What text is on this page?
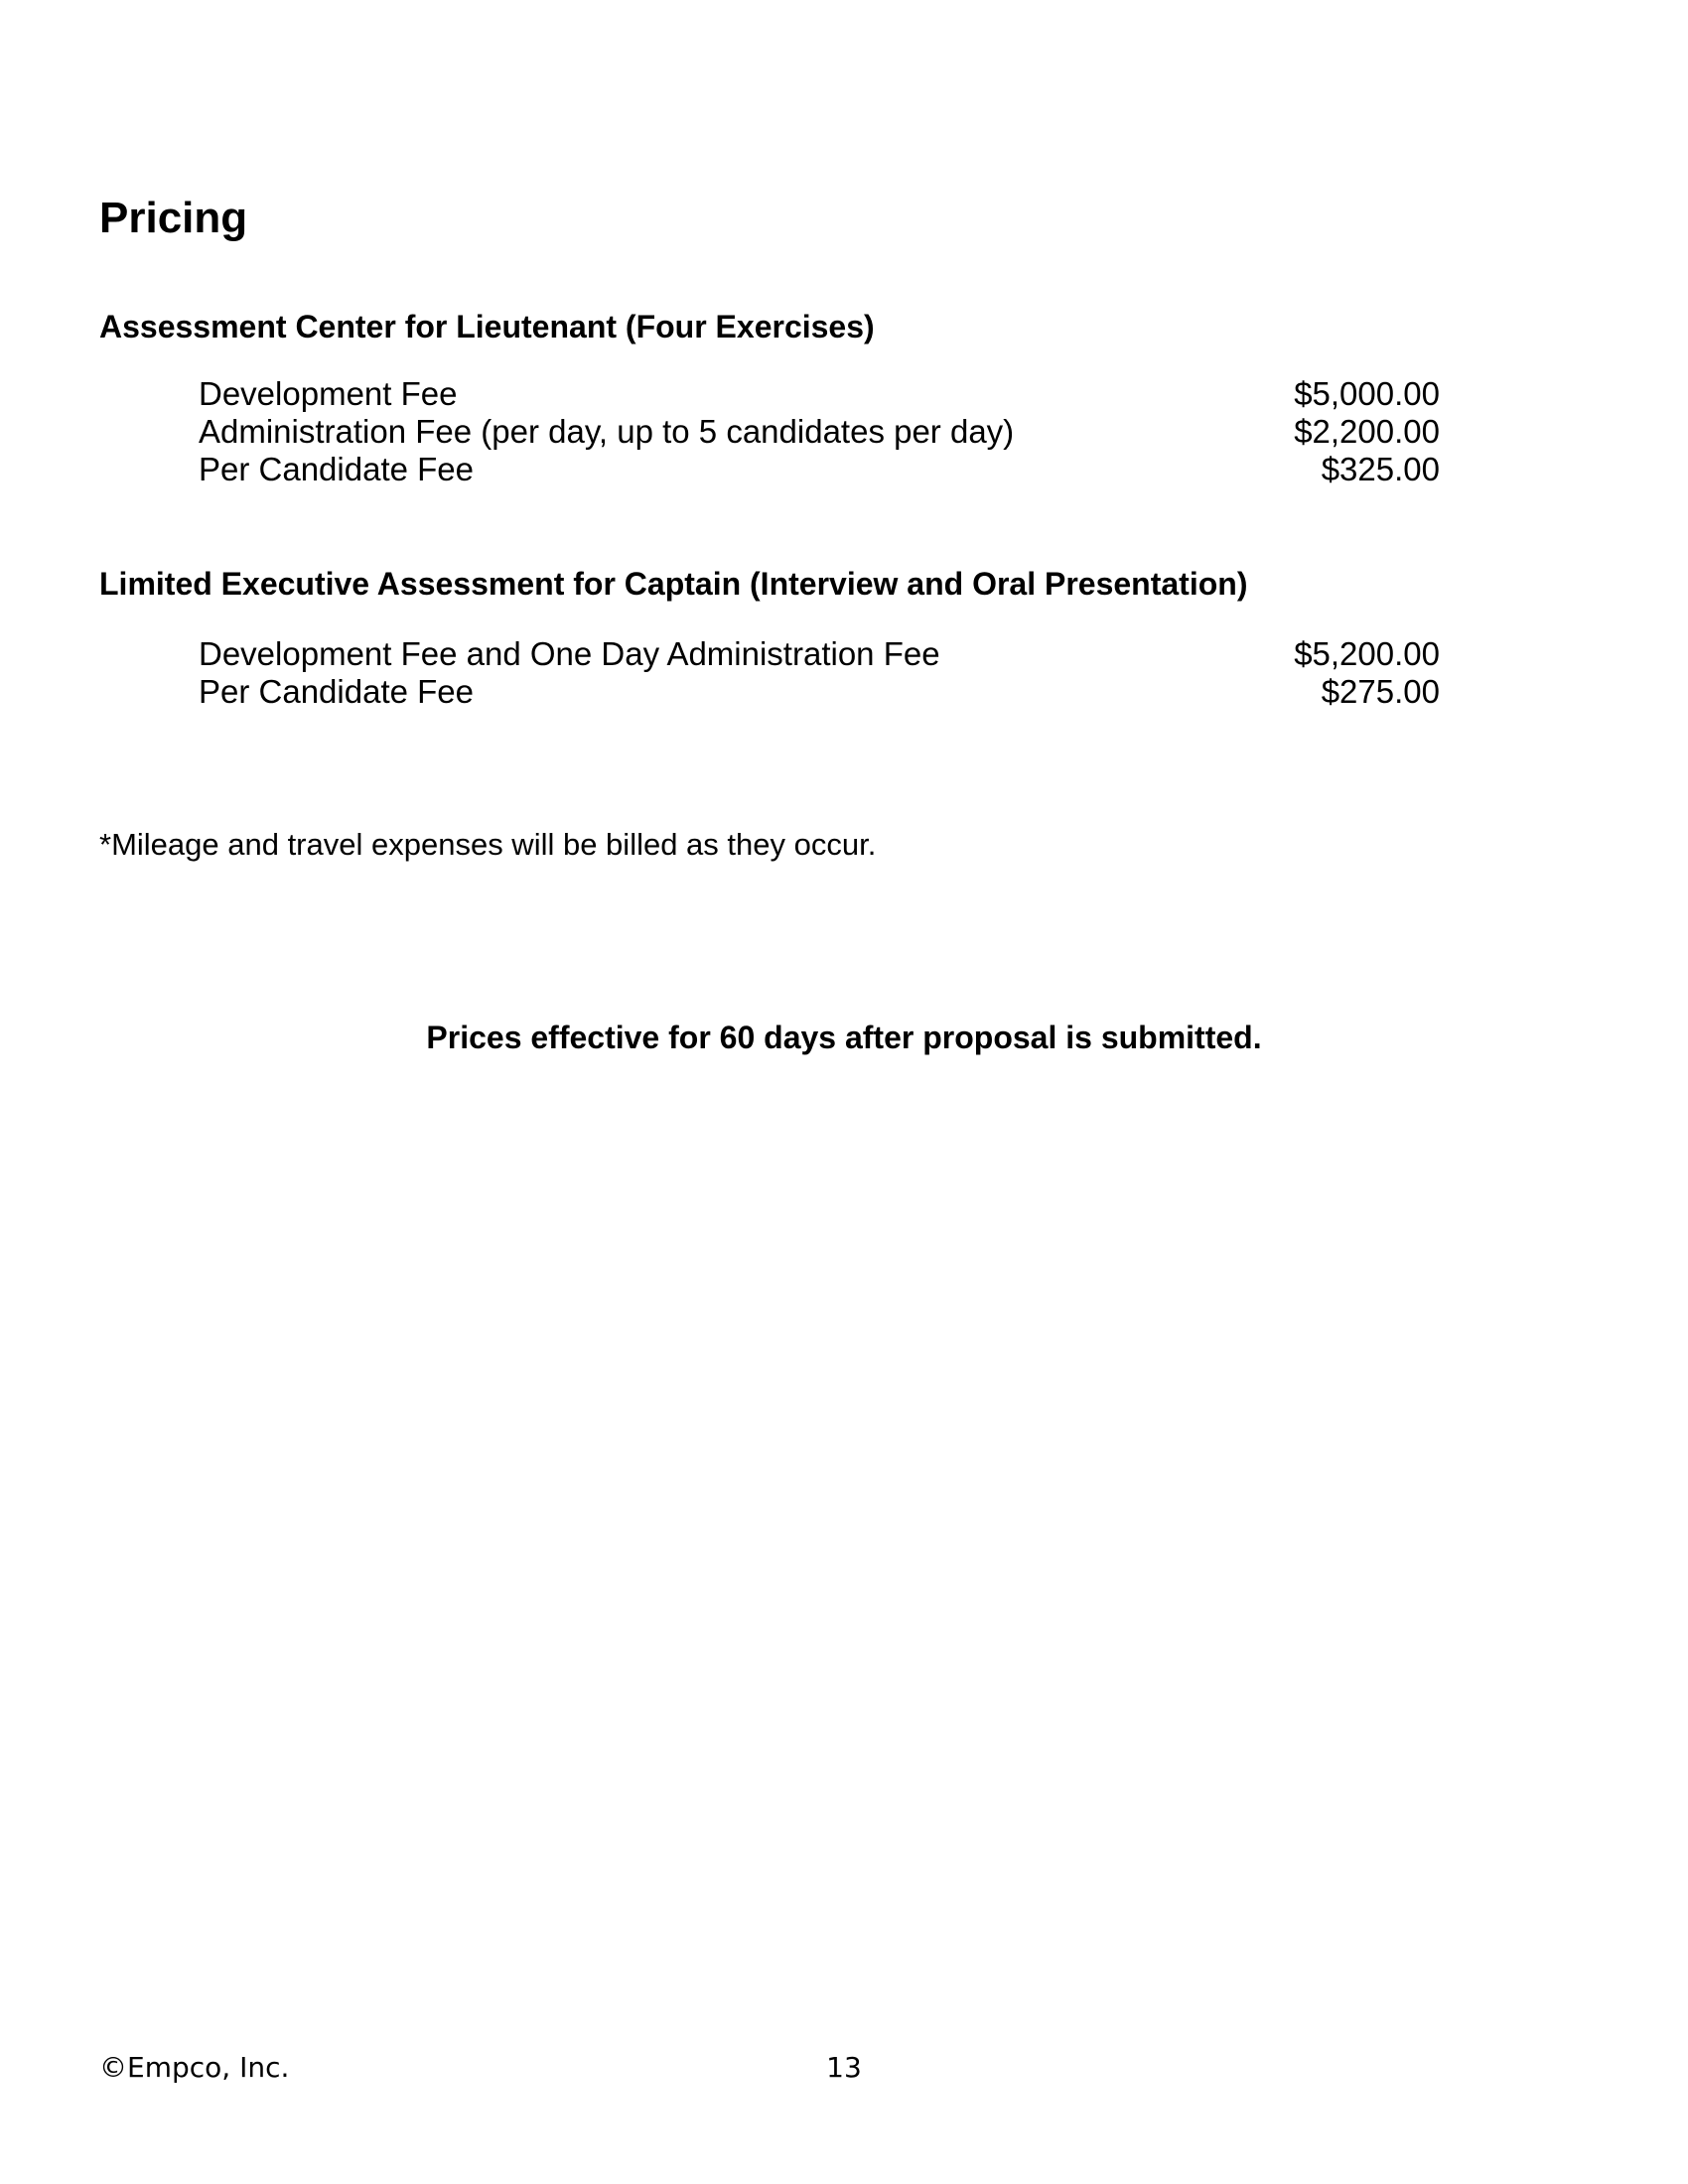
Pricing
Assessment Center for Lieutenant (Four Exercises)
Development Fee	$5,000.00
Administration Fee (per day, up to 5 candidates per day)	$2,200.00
Per Candidate Fee	$325.00
Limited Executive Assessment for Captain (Interview and Oral Presentation)
Development Fee and One Day Administration Fee	$5,200.00
Per Candidate Fee	$275.00

*Mileage and travel expenses will be billed as they occur.

Prices effective for 60 days after proposal is submitted.

©Empco, Inc.	13
